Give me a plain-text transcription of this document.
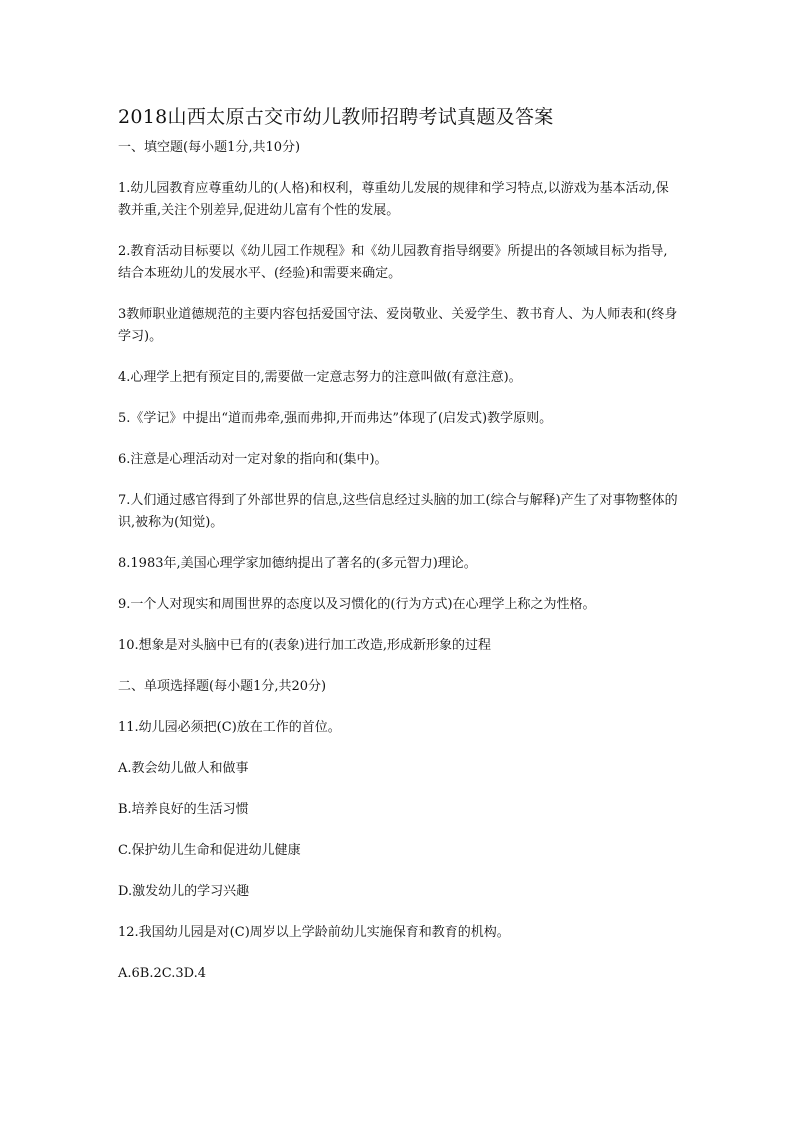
2018山西太原古交市幼儿教师招聘考试真题及答案

一、填空题(每小题1分,共10分)

1.幼儿园教育应尊重幼儿的(人格)和权利，尊重幼儿发展的规律和学习特点,以游戏为基本活动,保教并重,关注个别差异,促进幼儿富有个性的发展。

2.教育活动目标要以《幼儿园工作规程》和《幼儿园教育指导纲要》所提出的各领域目标为指导,结合本班幼儿的发展水平、(经验)和需要来确定。

3教师职业道德规范的主要内容包括爱国守法、爱岗敬业、关爱学生、教书育人、为人师表和(终身学习)。

4.心理学上把有预定目的,需要做一定意志努力的注意叫做(有意注意)。

5.《学记》中提出“道而弗牵,强而弗抑,开而弗达”体现了(启发式)教学原则。

6.注意是心理活动对一定对象的指向和(集中)。

7.人们通过感官得到了外部世界的信息,这些信息经过头脑的加工(综合与解释)产生了对事物整体的识,被称为(知觉)。

8.1983年,美国心理学家加德纳提出了著名的(多元智力)理论。

9.一个人对现实和周围世界的态度以及习惯化的(行为方式)在心理学上称之为性格。

10.想象是对头脑中已有的(表象)进行加工改造,形成新形象的过程

二、单项选择题(每小题1分,共20分)

11.幼儿园必须把(C)放在工作的首位。

A.教会幼儿做人和做事

B.培养良好的生活习惯

C.保护幼儿生命和促进幼儿健康

D.激发幼儿的学习兴趣

12.我国幼儿园是对(C)周岁以上学龄前幼儿实施保育和教育的机构。

A.6B.2C.3D.4
